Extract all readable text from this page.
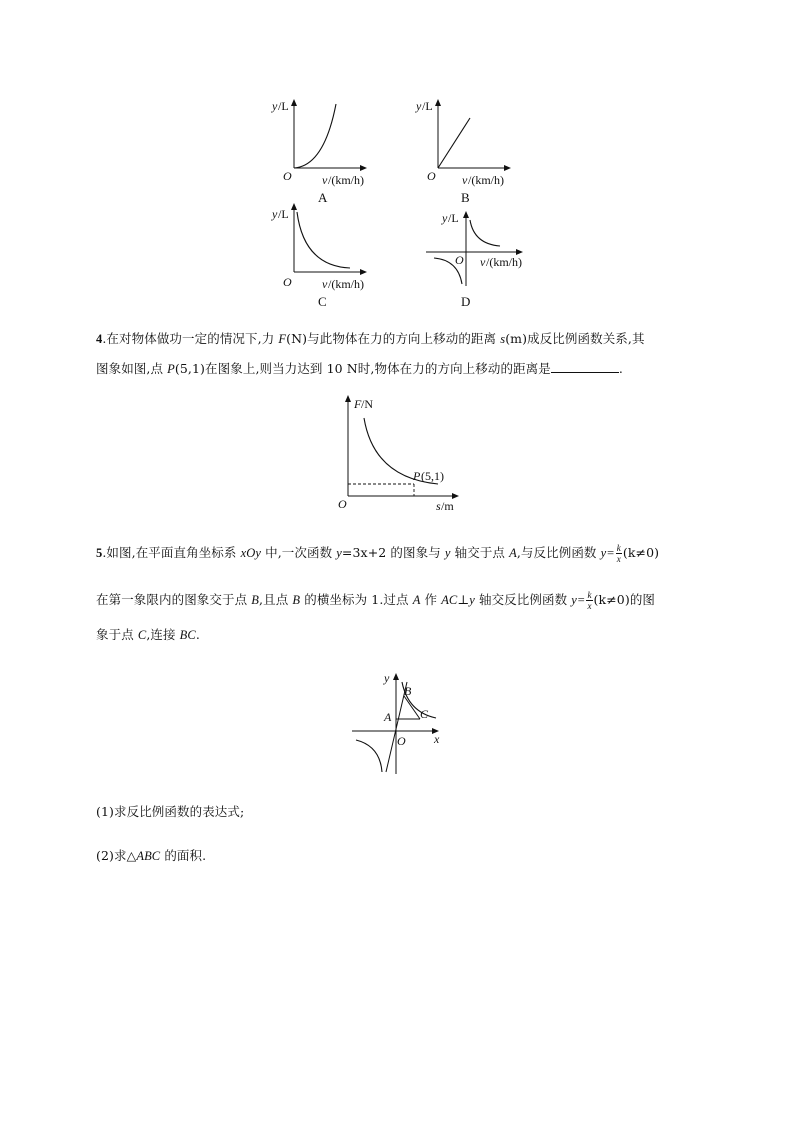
y /L
O	v /(km/h)
A
y /L
O v /(km/h)
B
y /L
O	v /(km/h)
C
y /L
O v /(km/h)
D
4.在对物体做功一定的情况下,力 F(N)与此物体在力的方向上移动的距离 s(m)成反比例函数关系,其
图象如图,点 P(5,1)在图象上,则当力达到 10 N时,物体在力的方向上移动的距离是	.
F /N
O	s /m
P (5,1)
5.如图,在平面直角坐标系 xOy 中,一次函数 y=3x+2 的图象与 y 轴交于点 A,与反比例函数 $y= \frac{k}{x} (k\ne 0)$
在第一象限内的图象交于点 B,且点 B 的横坐标为 1.过点 A 作 AC⊥y 轴交反比例函数 $y= \frac{k}{x} (k\ne 0)$的图
象于点 C,连接 BC.
y
x
O
A
B
C
(1)求反比例函数的表达式;
(2)求△ABC 的面积.
